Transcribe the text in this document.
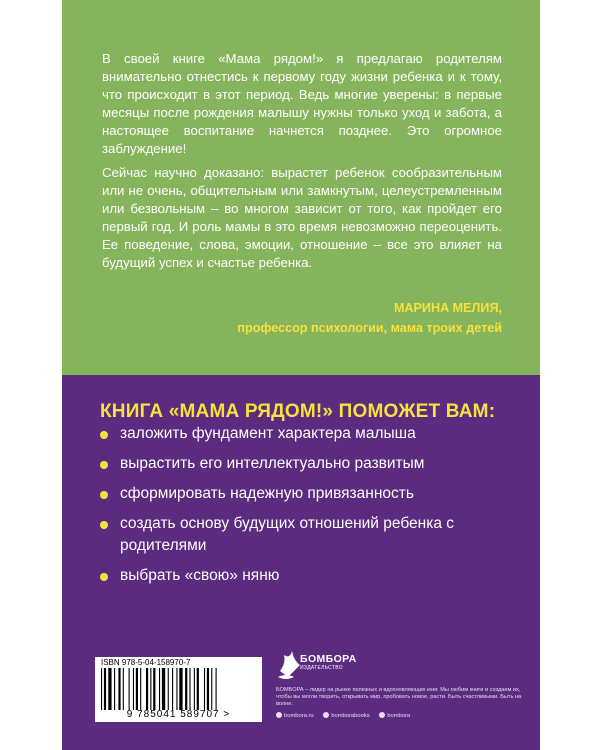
В своей книге «Мама рядом!» я предлагаю родителям внимательно отнестись к первому году жизни ребенка и к тому, что происходит в этот период. Ведь многие уверены: в первые месяцы после рождения малышу нужны только уход и забота, а настоящее воспитание начнется позднее. Это огромное заблуждение!

Сейчас научно доказано: вырастет ребенок сообразительным или не очень, общительным или замкнутым, целеустремленным или безвольным – во многом зависит от того, как пройдет его первый год. И роль мамы в это время невозможно переоценить. Ее поведение, слова, эмоции, отношение – все это влияет на будущий успех и счастье ребенка.

МАРИНА МЕЛИЯ,
профессор психологии, мама троих детей
КНИГА «МАМА РЯДОМ!» ПОМОЖЕТ ВАМ:
заложить фундамент характера малыша
вырастить его интеллектуально развитым
сформировать надежную привязанность
создать основу будущих отношений ребенка с родителями
выбрать «свою» няню
ISBN 978-5-04-158970-7
9 785041 589707 >
БОМБОРА
ИЗДАТЕЛЬСТВО
БОМБОРА – лидер на рынке полезных и вдохновляющих книг. Мы любим книги и создаем их, чтобы вы могли творить, открывать мир, пробовать новое, расти. Быть счастливыми. Быть на волне.
bombora.ru	bomborabooks	bombora
